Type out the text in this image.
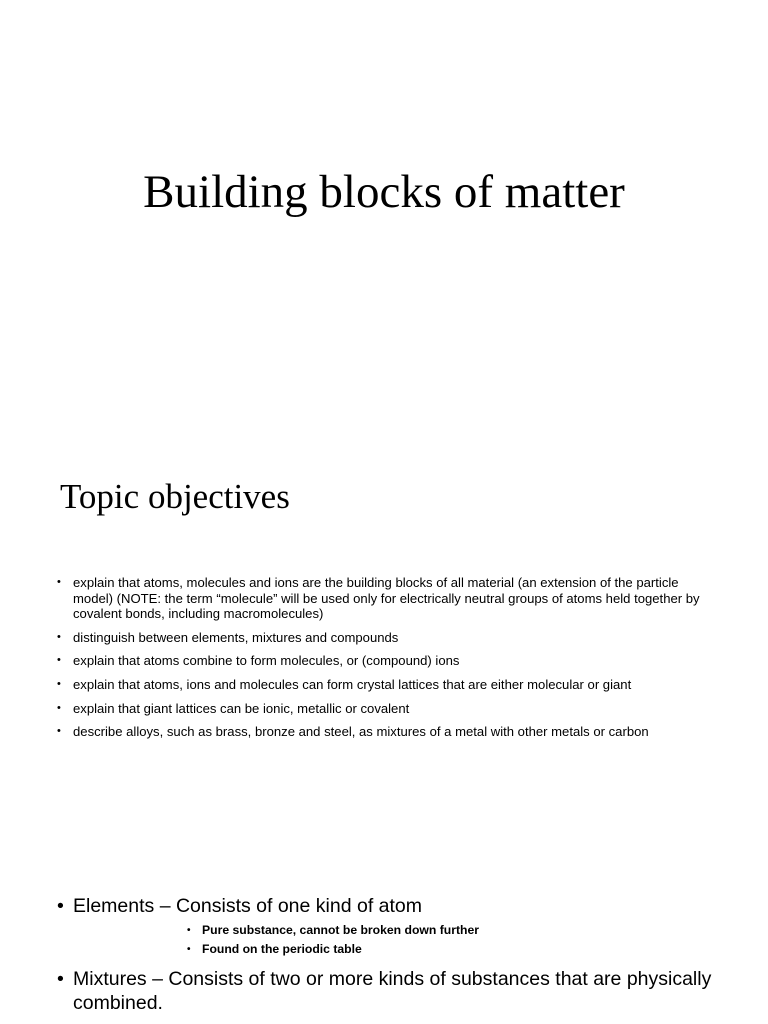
Building blocks of matter
Topic objectives
• explain that atoms, molecules and ions are the building blocks of all material (an extension of the particle model) (NOTE: the term “molecule” will be used only for electrically neutral groups of atoms held together by covalent bonds, including macromolecules)
• distinguish between elements, mixtures and compounds
• explain that atoms combine to form molecules, or (compound) ions
• explain that atoms, ions and molecules can form crystal lattices that are either molecular or giant
• explain that giant lattices can be ionic, metallic or covalent
• describe alloys, such as brass, bronze and steel, as mixtures of a metal with other metals or carbon
• Elements – Consists of one kind of atom
• Pure substance, cannot be broken down further
• Found on the periodic table
• Mixtures – Consists of two or more kinds of substances that are physically combined.
